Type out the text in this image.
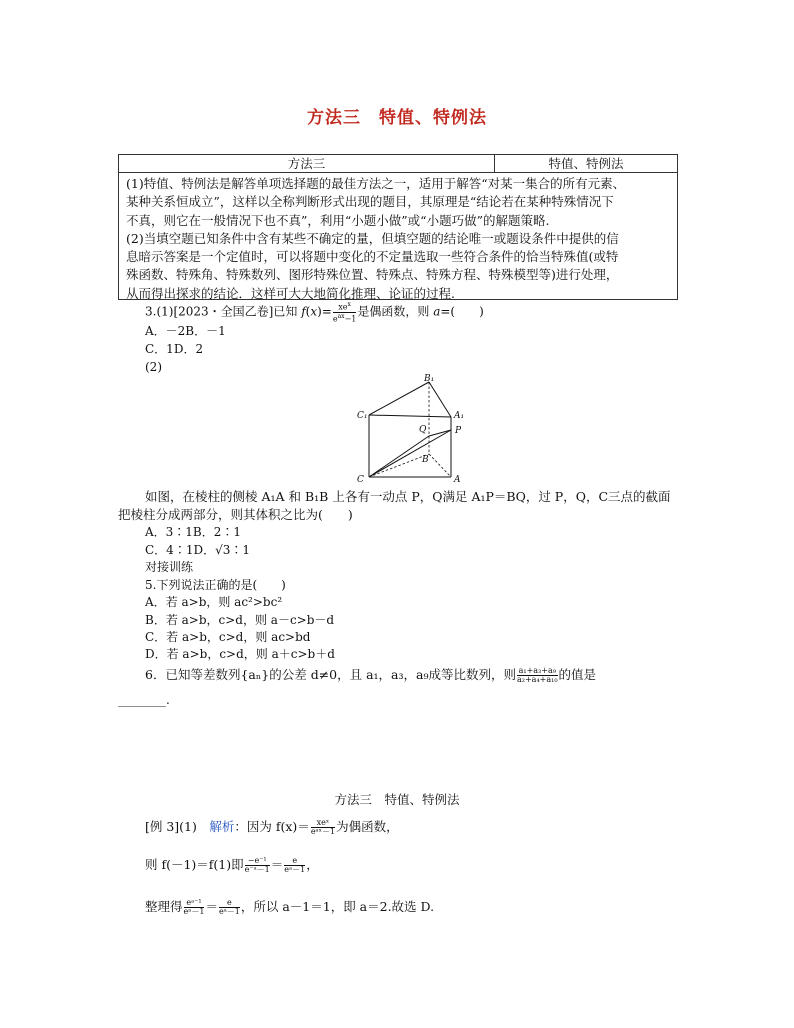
方法三 特值、特例法
方法三	特值、特例法
(1)特值、特例法是解答单项选择题的最佳方法之一，适用于解答“对某一集合的所有元素、
某种关系恒成立”，这样以全称判断形式出现的题目，其原理是“结论若在某种特殊情况下
不真，则它在一般情况下也不真”，利用“小题小做”或“小题巧做”的解题策略.
(2)当填空题已知条件中含有某些不确定的量，但填空题的结论唯一或题设条件中提供的信
息暗示答案是一个定值时，可以将题中变化的不定量选取一些符合条件的恰当特殊值(或特
殊函数、特殊角、特殊数列、图形特殊位置、特殊点、特殊方程、特殊模型等)进行处理，
从而得出探求的结论．这样可大大地简化推理、论证的过程.
3.(1)[2023・全国乙卷]已知 $f(x)= \frac{xe^x}{e^{ax}-1}$ 是偶函数，则 a=(　　)
A．－2B．－1
C．1D．2
(2)
B₁
C₁	A₁
Q	P
B
C	A
如图，在棱柱的侧棱 A₁A 和 B₁B 上各有一动点 P，Q满足 A₁P＝BQ，过 P，Q，C三点的截面
把棱柱分成两部分，则其体积之比为(　　)
A．3∶1B．2∶1
C．4∶1D．√3∶1
对接训练
5.下列说法正确的是(　　)
A．若 a>b，则 ac²>bc²
B．若 a>b，c>d，则 a－c>b－d
C．若 a>b，c>d，则 ac>bd
D．若 a>b，c>d，则 a＋c>b＋d
6．已知等差数列{aₙ}的公差 d≠0，且 a₁，a₃，a₉成等比数列，则 $\frac{\text{a₁+a₃+a₉}}{\text{a₂+a₄+a₁₀}}$ 的值是
________.
方法三　特值、特例法
[例 3](1)　解析：因为 $f(x)= \frac{\text{xeˣ}}{\text{eᵃˣ－1}}$ 为偶函数，
则 f(－1)＝f(1)即 $\frac{\text{−e⁻¹}}{\text{e⁻ᵃ－1}} = \frac{e}{\text{eᵃ－1}}$ ，
整理得 $\frac{\text{eᵃ⁻¹}}{\text{eᵃ－1}} = \frac{e}{\text{eᵃ－1}}$ ，所以 a－1＝1，即 a＝2.故选 D.
